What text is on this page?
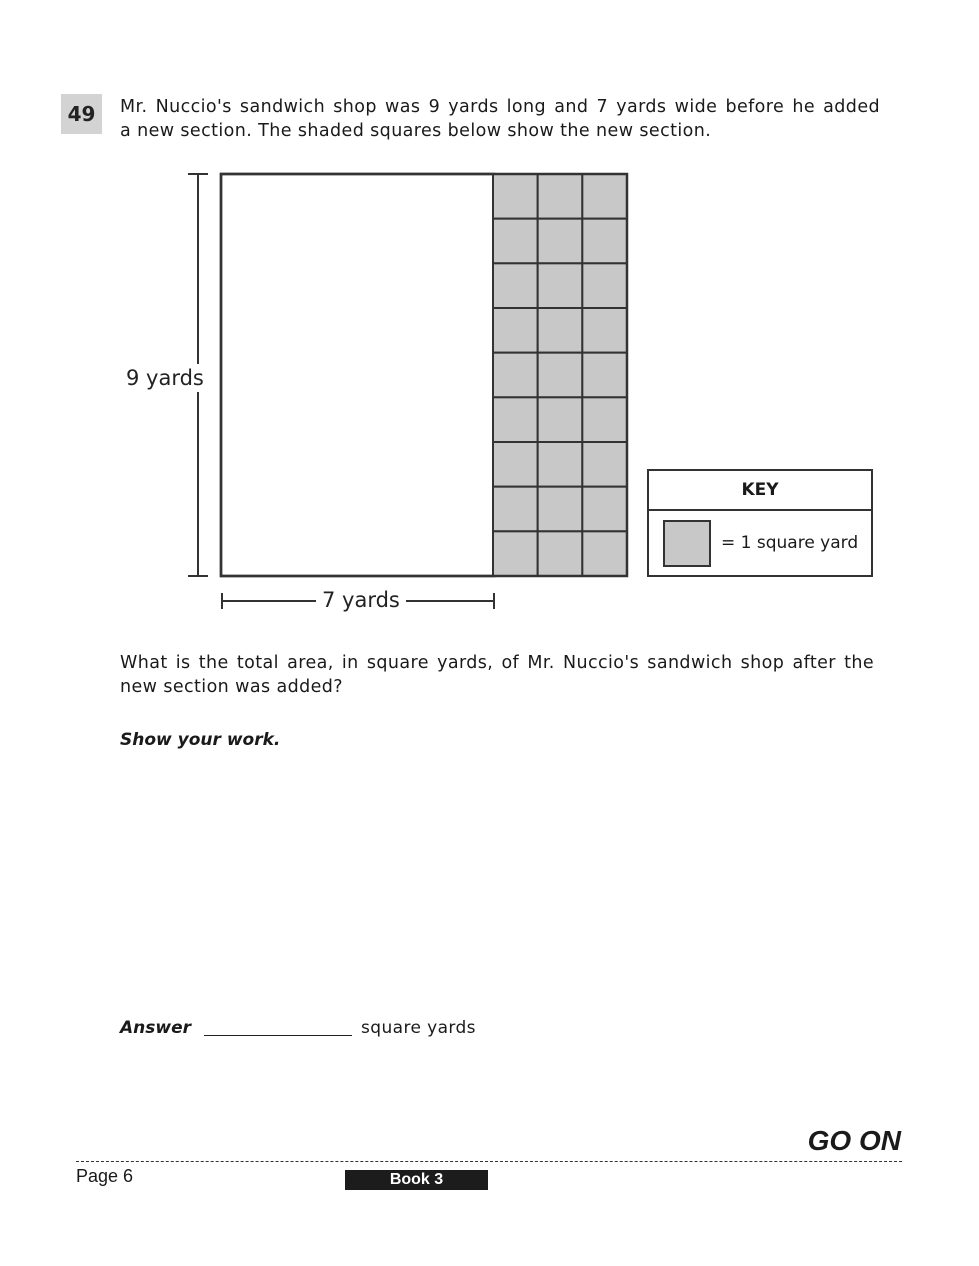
49	Mr. Nuccio's sandwich shop was 9 yards long and 7 yards wide before he added
a new section. The shaded squares below show the new section.
9 yards
7 yards
KEY
= 1 square yard
What is the total area, in square yards, of Mr. Nuccio's sandwich shop after the
new section was added?
Show your work.
Answer	square yards
GO ON
Page 6	Book 3
